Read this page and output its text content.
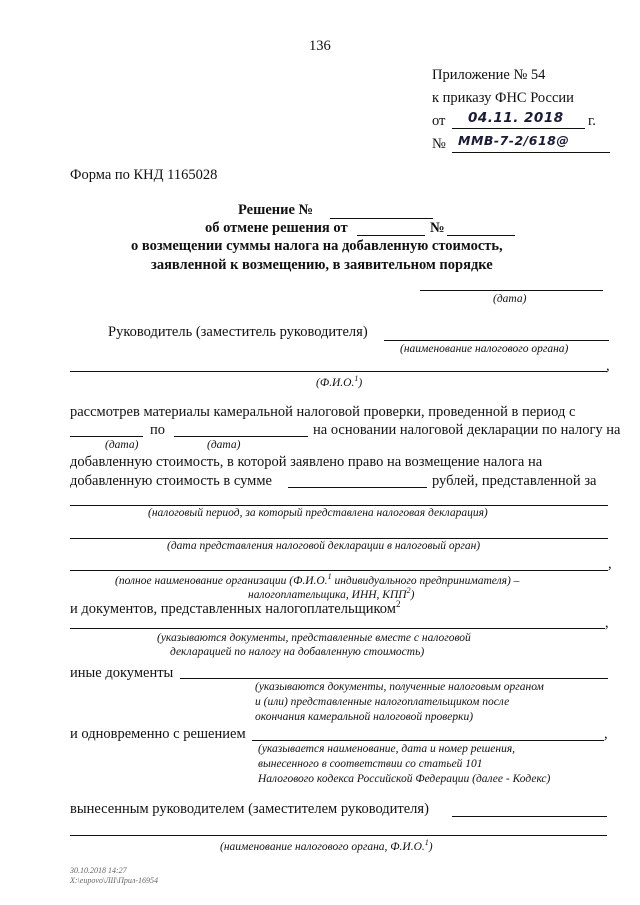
136
Приложение № 54
к приказу ФНС России
от 04.11. 2018 г.
№ ММВ-7-2/618@
Форма по КНД 1165028
Решение №
об отмене решения от	№
о возмещении суммы налога на добавленную стоимость,
заявленной к возмещению, в заявительном порядке
(дата)
Руководитель (заместитель руководителя)
(наименование налогового органа)
,
(Ф.И.О.$^1$)
рассмотрев материалы камеральной налоговой проверки, проведенной в период с
по	на основании налоговой декларации по налогу на
(дата)	(дата)
добавленную стоимость, в которой заявлено право на возмещение налога на
добавленную стоимость в сумме	рублей, представленной за
(налоговый период, за который представлена налоговая декларация)
(дата представления налоговой декларации в налоговый орган)
,
(полное наименование организации (Ф.И.О.$^1$ индивидуального предпринимателя) –
налогоплательщика, ИНН, КПП$^2$)
и документов, представленных налогоплательщиком$^2$
,
(указываются документы, представленные вместе с налоговой
декларацией по налогу на добавленную стоимость)
иные документы
(указываются документы, полученные налоговым органом
и (или) представленные налогоплательщиком после
окончания камеральной налоговой проверки)
и одновременно с решением	,
(указывается наименование, дата и номер решения,
вынесенного в соответствии со статьей 101
Налогового кодекса Российской Федерации (далее - Кодекс)
вынесенным руководителем (заместителем руководителя)
(наименование налогового органа, Ф.И.О.$^1$)
30.10.2018 14:27
X:\eupovo\ЛІІ\Прил-16954
